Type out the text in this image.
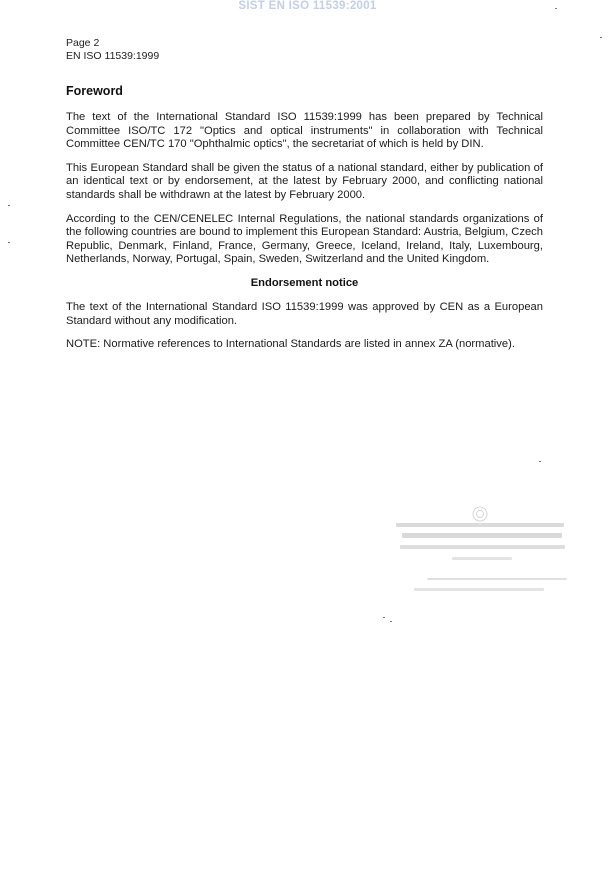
SIST EN ISO 11539:2001
Page 2
EN ISO 11539:1999
Foreword

The text of the International Standard ISO 11539:1999 has been prepared by Technical Committee ISO/TC 172 "Optics and optical instruments" in collaboration with Technical Committee CEN/TC 170 "Ophthalmic optics", the secretariat of which is held by DIN.

This European Standard shall be given the status of a national standard, either by publication of an identical text or by endorsement, at the latest by February 2000, and conflicting national standards shall be withdrawn at the latest by February 2000.

According to the CEN/CENELEC Internal Regulations, the national standards organizations of the following countries are bound to implement this European Standard: Austria, Belgium, Czech Republic, Denmark, Finland, France, Germany, Greece, Iceland, Ireland, Italy, Luxembourg, Netherlands, Norway, Portugal, Spain, Sweden, Switzerland and the United Kingdom.

Endorsement notice

The text of the International Standard ISO 11539:1999 was approved by CEN as a European Standard without any modification.

NOTE: Normative references to International Standards are listed in annex ZA (normative).
